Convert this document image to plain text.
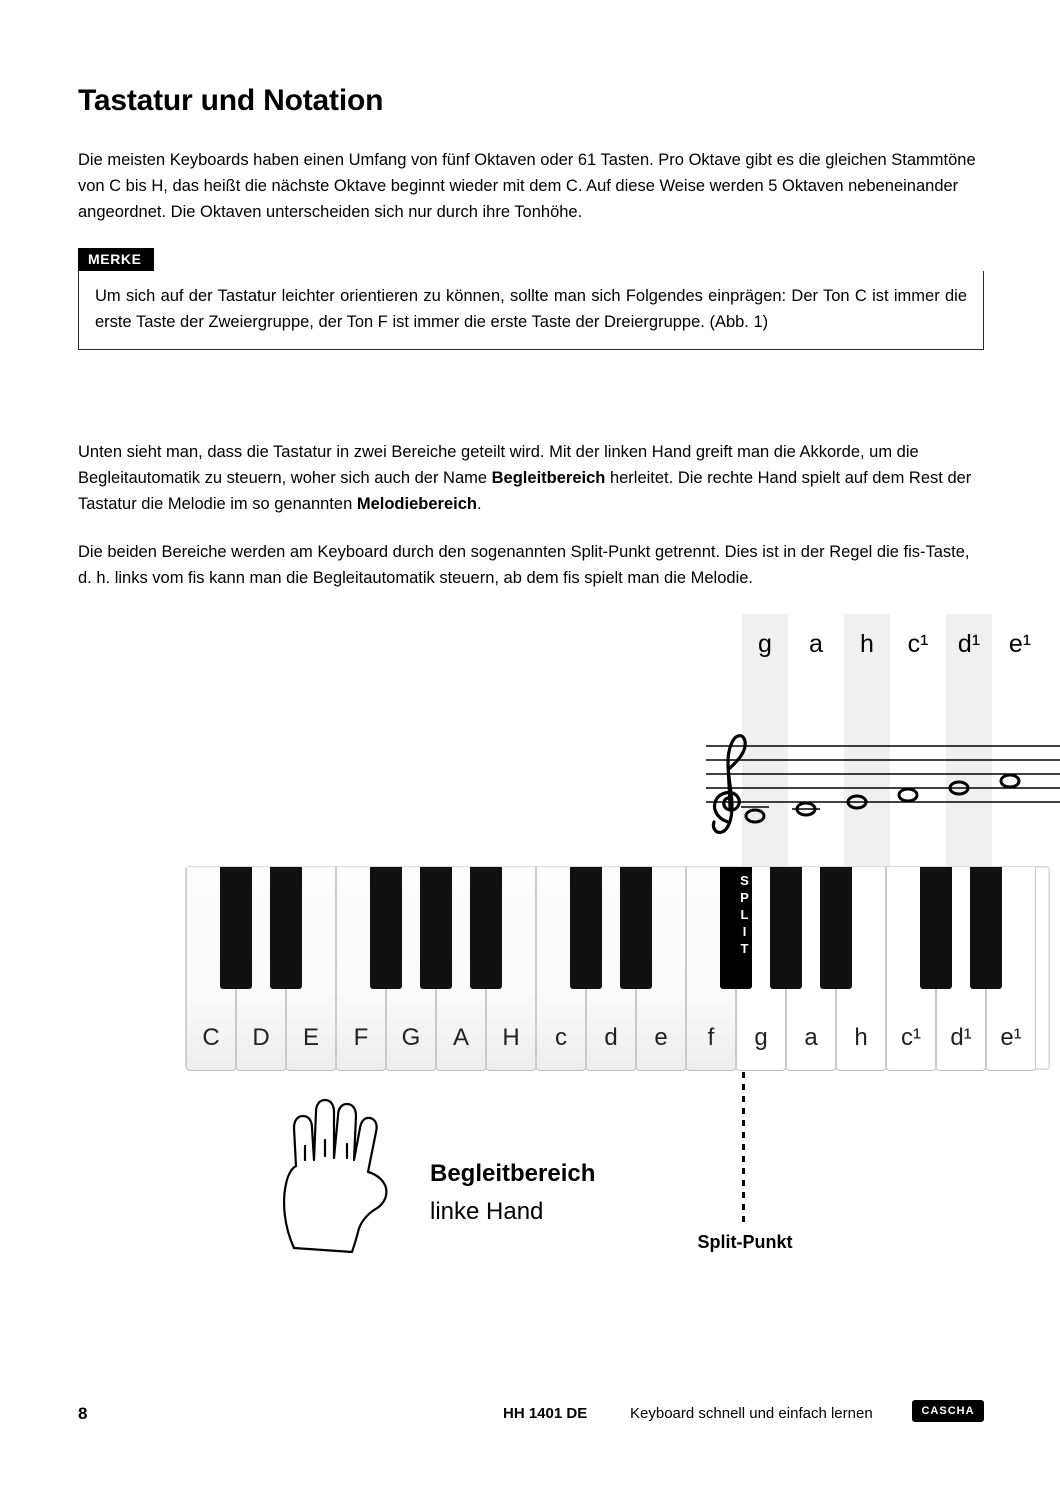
Tastatur und Notation

Die meisten Keyboards haben einen Umfang von fünf Oktaven oder 61 Tasten. Pro Oktave gibt es die gleichen Stammtöne von C bis H, das heißt die nächste Oktave beginnt wieder mit dem C. Auf diese Weise werden 5 Oktaven nebeneinander angeordnet. Die Oktaven unterscheiden sich nur durch ihre Tonhöhe.

MERKE
Um sich auf der Tastatur leichter orientieren zu können, sollte man sich Folgendes einprägen: Der Ton C ist immer die erste Taste der Zweiergruppe, der Ton F ist immer die erste Taste der Dreiergruppe. (Abb. 1)

Unten sieht man, dass die Tastatur in zwei Bereiche geteilt wird. Mit der linken Hand greift man die Akkorde, um die Begleitautomatik zu steuern, woher sich auch der Name Begleitbereich herleitet. Die rechte Hand spielt auf dem Rest der Tastatur die Melodie im so genannten Melodiebereich.

Die beiden Bereiche werden am Keyboard durch den sogenannten Split-Punkt getrennt. Dies ist in der Regel die fis-Taste, d. h. links vom fis kann man die Begleitautomatik steuern, ab dem fis spielt man die Melodie.

g	a	h	c¹	d¹	e¹
C	D	E	F	G	A	H	c	d	e	f	g	a	h	c¹	d¹	e¹
SPLIT
Split-Punkt
Begleitbereich
linke Hand
8	HH 1401 DE	Keyboard schnell und einfach lernen	CASCHA
